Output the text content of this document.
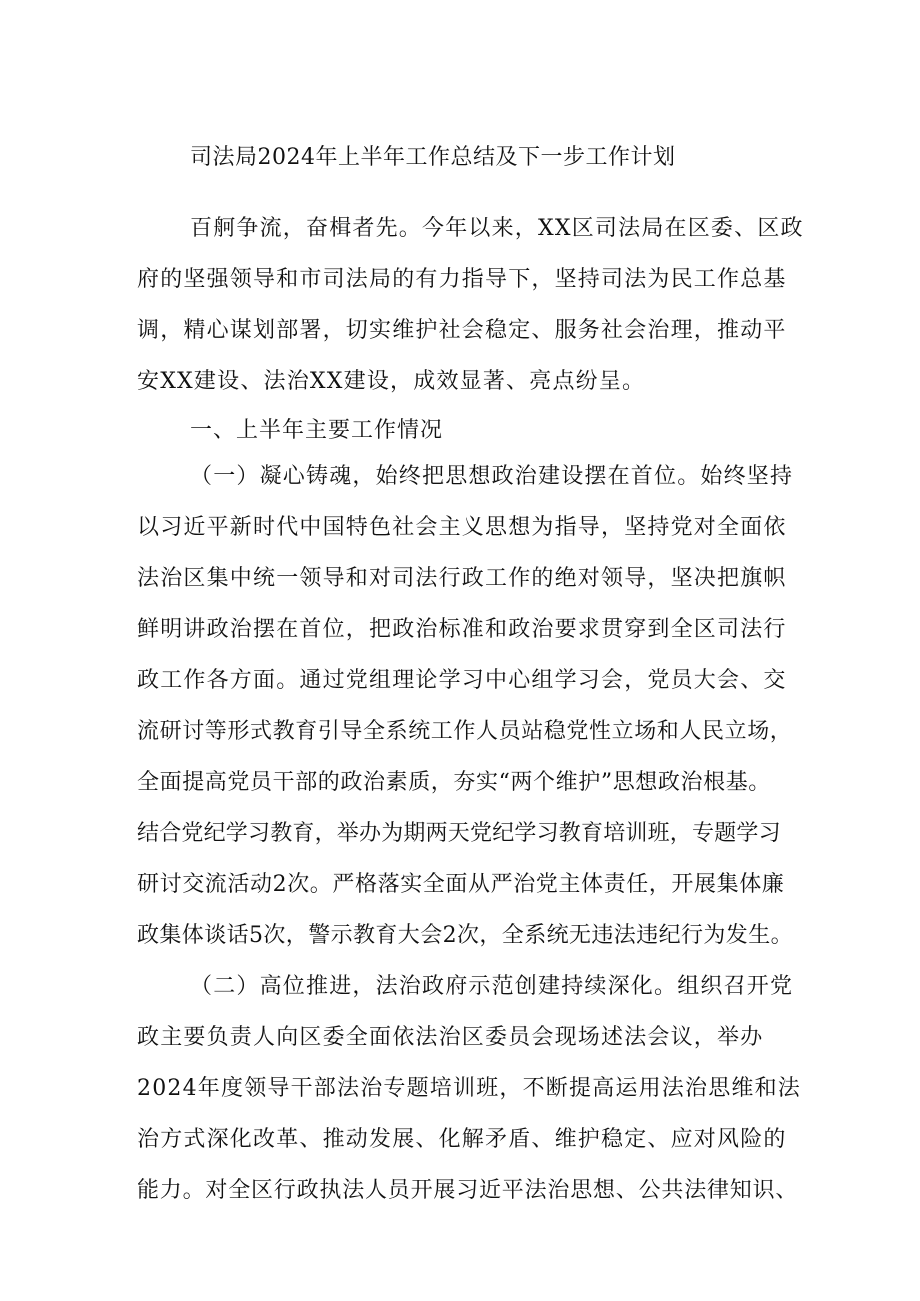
司法局2024年上半年工作总结及下一步工作计划
百舸争流，奋楫者先。今年以来，XX区司法局在区委、区政
府的坚强领导和市司法局的有力指导下，坚持司法为民工作总基
调，精心谋划部署，切实维护社会稳定、服务社会治理，推动平
安XX建设、法治XX建设，成效显著、亮点纷呈。
一、上半年主要工作情况
（一）凝心铸魂，始终把思想政治建设摆在首位。始终坚持
以习近平新时代中国特色社会主义思想为指导，坚持党对全面依
法治区集中统一领导和对司法行政工作的绝对领导，坚决把旗帜
鲜明讲政治摆在首位，把政治标准和政治要求贯穿到全区司法行
政工作各方面。通过党组理论学习中心组学习会，党员大会、交
流研讨等形式教育引导全系统工作人员站稳党性立场和人民立场，
全面提高党员干部的政治素质，夯实“两个维护”思想政治根基。
结合党纪学习教育，举办为期两天党纪学习教育培训班，专题学习
研讨交流活动2次。严格落实全面从严治党主体责任，开展集体廉
政集体谈话5次，警示教育大会2次，全系统无违法违纪行为发生。
（二）高位推进，法治政府示范创建持续深化。组织召开党
政主要负责人向区委全面依法治区委员会现场述法会议，举办
2024年度领导干部法治专题培训班，不断提高运用法治思维和法
治方式深化改革、推动发展、化解矛盾、维护稳定、应对风险的
能力。对全区行政执法人员开展习近平法治思想、公共法律知识、
